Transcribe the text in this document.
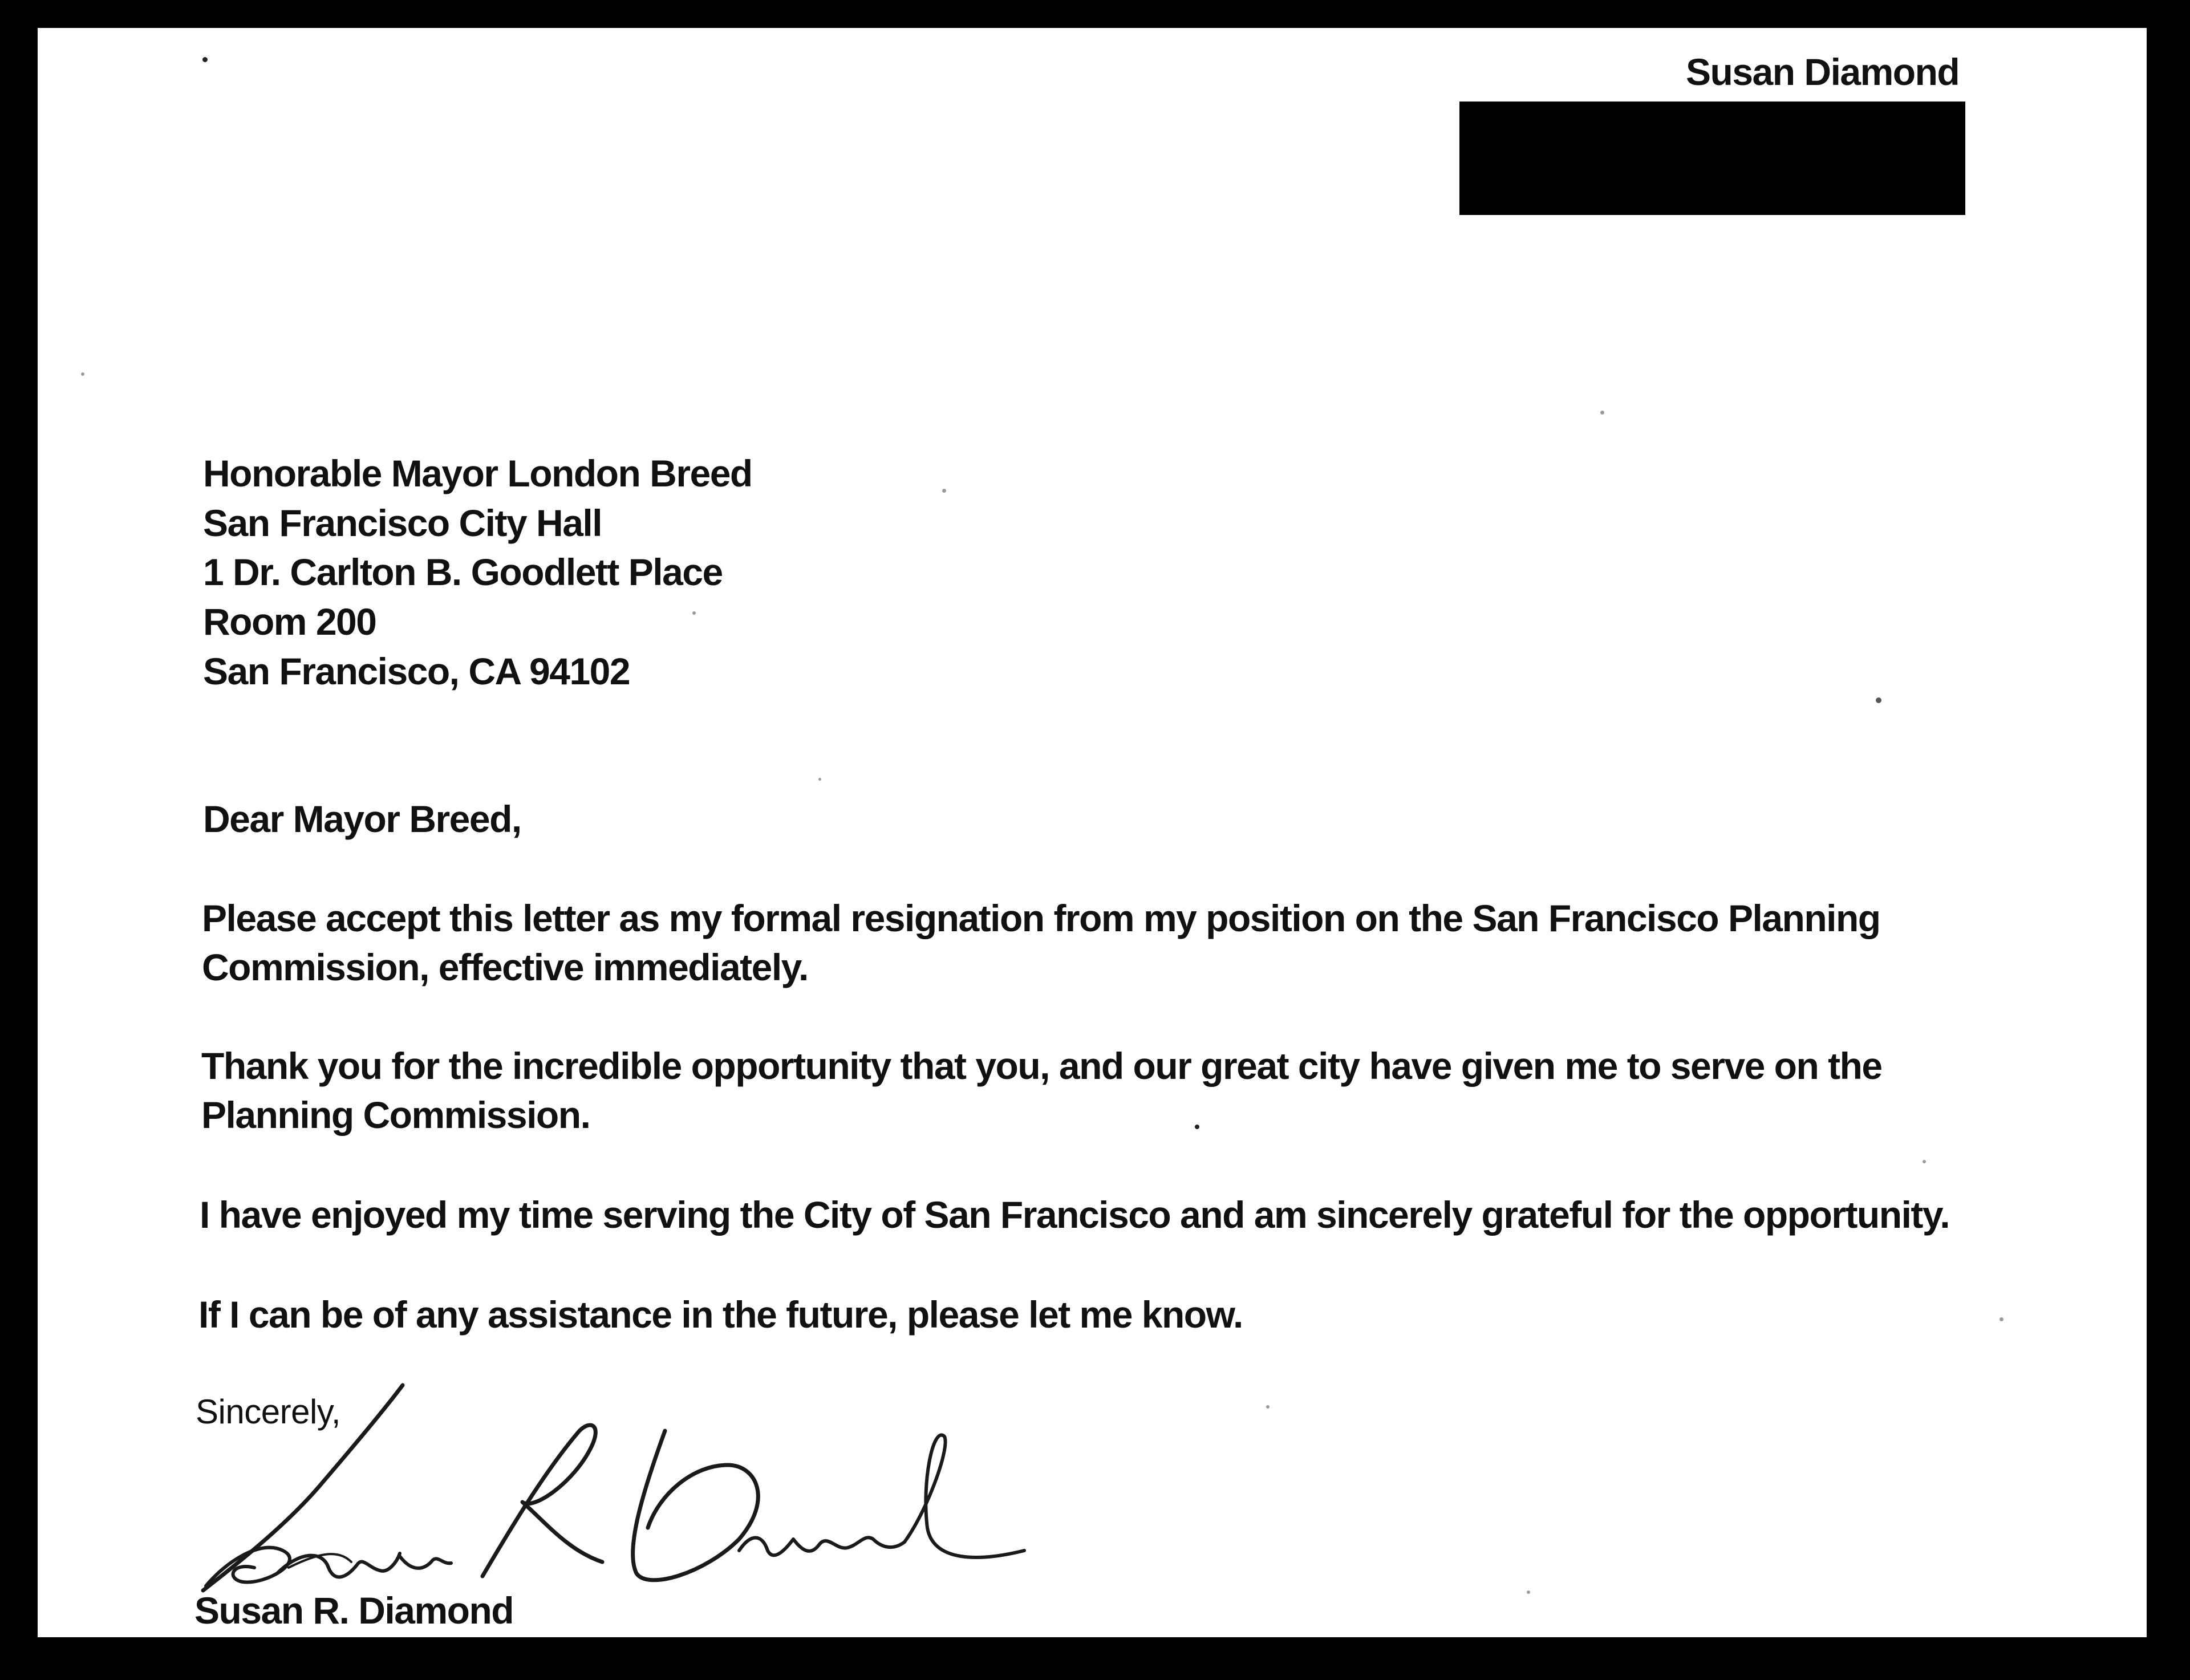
Susan Diamond
Honorable Mayor London Breed
San Francisco City Hall
1 Dr. Carlton B. Goodlett Place
Room 200
San Francisco, CA 94102
Dear Mayor Breed,
Please accept this letter as my formal resignation from my position on the San Francisco Planning
Commission, effective immediately.
Thank you for the incredible opportunity that you, and our great city have given me to serve on the
Planning Commission.
I have enjoyed my time serving the City of San Francisco and am sincerely grateful for the opportunity.
If I can be of any assistance in the future, please let me know.
Sincerely,
Susan R. Diamond
